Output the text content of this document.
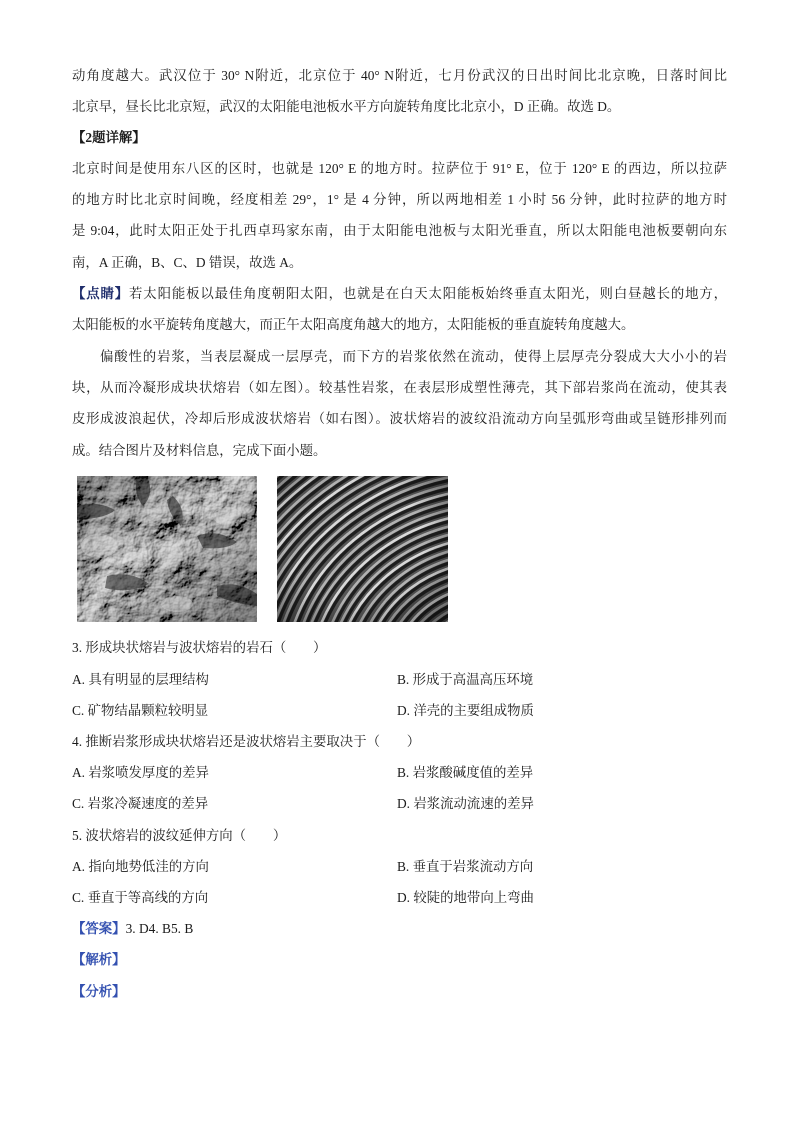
动角度越大。武汉位于 30° N附近，北京位于 40° N附近，七月份武汉的日出时间比北京晚，日落时间比
北京早，昼长比北京短，武汉的太阳能电池板水平方向旋转角度比北京小，D 正确。故选 D。
【2题详解】
北京时间是使用东八区的区时，也就是 120° E 的地方时。拉萨位于 91° E，位于 120° E 的西边，所以拉萨
的地方时比北京时间晚，经度相差 29°，1° 是 4 分钟，所以两地相差 1 小时 56 分钟，此时拉萨的地方时
是 9:04，此时太阳正处于扎西卓玛家东南，由于太阳能电池板与太阳光垂直，所以太阳能电池板要朝向东
南，A 正确，B、C、D 错误，故选 A。
【点睛】若太阳能板以最佳角度朝阳太阳，也就是在白天太阳能板始终垂直太阳光，则白昼越长的地方，
太阳能板的水平旋转角度越大，而正午太阳高度角越大的地方，太阳能板的垂直旋转角度越大。
偏酸性的岩浆，当表层凝成一层厚壳，而下方的岩浆依然在流动，使得上层厚壳分裂成大大小小的岩
块，从而冷凝形成块状熔岩（如左图）。较基性岩浆，在表层形成塑性薄壳，其下部岩浆尚在流动，使其表
皮形成波浪起伏，冷却后形成波状熔岩（如右图）。波状熔岩的波纹沿流动方向呈弧形弯曲或呈链形排列而
成。结合图片及材料信息，完成下面小题。
3. 形成块状熔岩与波状熔岩的岩石（　　）
A. 具有明显的层理结构	B. 形成于高温高压环境
C. 矿物结晶颗粒较明显	D. 洋壳的主要组成物质
4. 推断岩浆形成块状熔岩还是波状熔岩主要取决于（　　）
A. 岩浆喷发厚度的差异	B. 岩浆酸碱度值的差异
C. 岩浆冷凝速度的差异	D. 岩浆流动流速的差异
5. 波状熔岩的波纹延伸方向（　　）
A. 指向地势低洼的方向	B. 垂直于岩浆流动方向
C. 垂直于等高线的方向	D. 较陡的地带向上弯曲
【答案】3. D4. B5. B
【解析】
【分析】
